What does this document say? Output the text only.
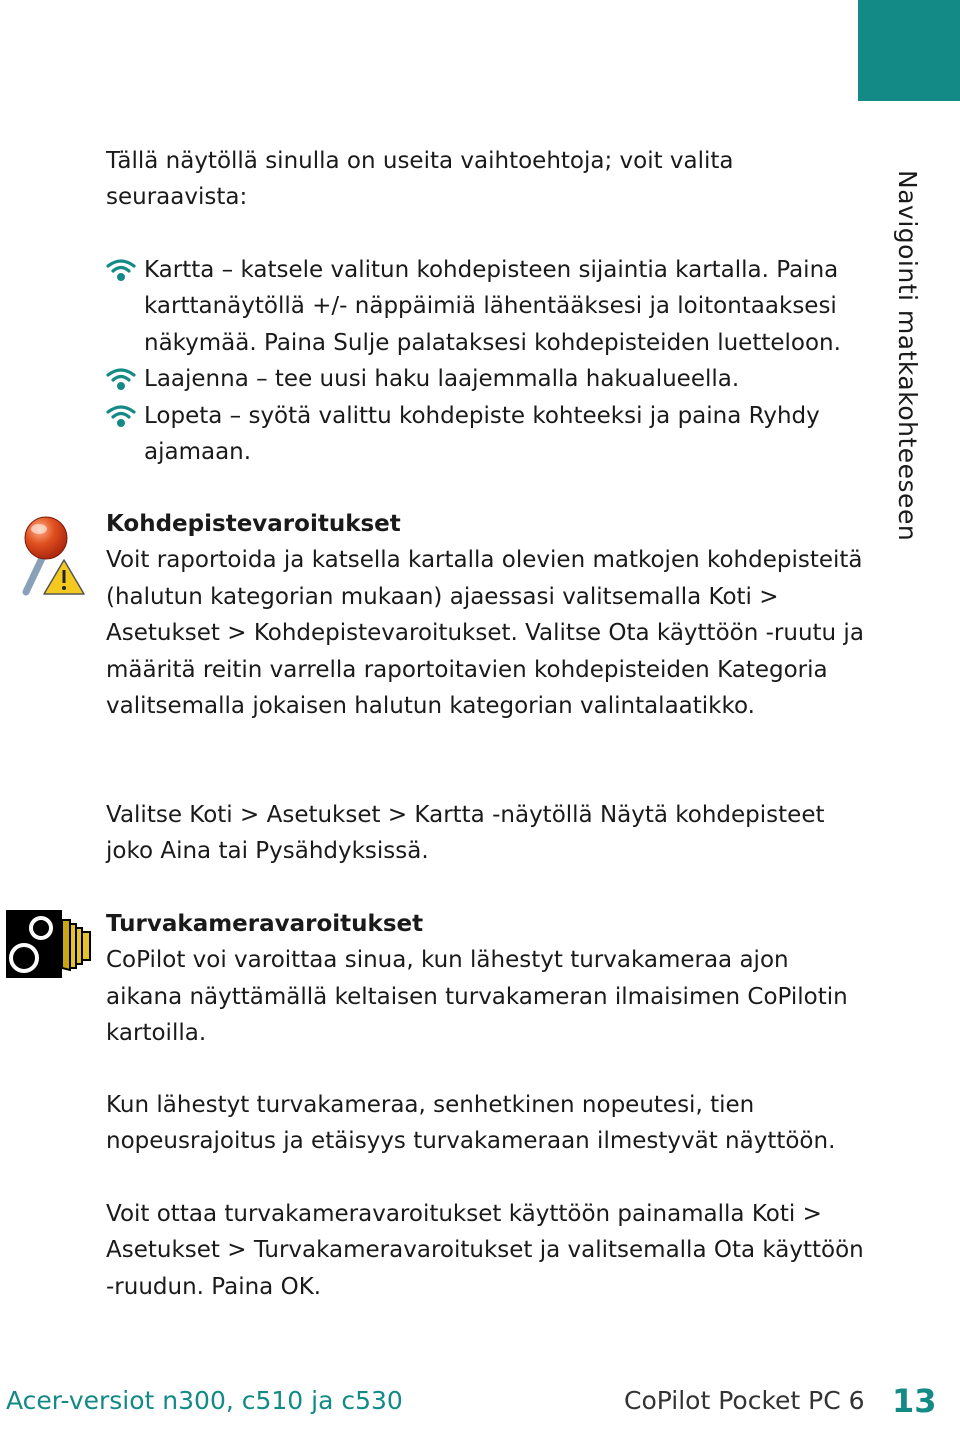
Navigointi matkakohteeseen

Tällä näytöllä sinulla on useita vaihtoehtoja; voit valita seuraavista:

Kartta – katsele valitun kohdepisteen sijaintia kartalla. Paina karttanäytöllä +/- näppäimiä lähentääksesi ja loitontaaksesi näkymää. Paina Sulje palataksesi kohdepisteiden luetteloon.
Laajenna – tee uusi haku laajemmalla hakualueella.
Lopeta – syötä valittu kohdepiste kohteeksi ja paina Ryhdy ajamaan.

Kohdepistevaroitukset
Voit raportoida ja katsella kartalla olevien matkojen kohdepisteitä (halutun kategorian mukaan) ajaessasi valitsemalla Koti > Asetukset > Kohdepistevaroitukset. Valitse Ota käyttöön -ruutu ja määritä reitin varrella raportoitavien kohdepisteiden Kategoria valitsemalla jokaisen halutun kategorian valintalaatikko.

Valitse Koti > Asetukset > Kartta -näytöllä Näytä kohdepisteet joko Aina tai Pysähdyksissä.

Turvakameravaroitukset
CoPilot voi varoittaa sinua, kun lähestyt turvakameraa ajon aikana näyttämällä keltaisen turvakameran ilmaisimen CoPilotin kartoilla.

Kun lähestyt turvakameraa, senhetkinen nopeutesi, tien nopeusrajoitus ja etäisyys turvakameraan ilmestyvät näyttöön.

Voit ottaa turvakameravaroitukset käyttöön painamalla Koti > Asetukset > Turvakameravaroitukset ja valitsemalla Ota käyttöön -ruudun. Paina OK.

Acer-versiot n300, c510 ja c530	CoPilot Pocket PC 6 13
